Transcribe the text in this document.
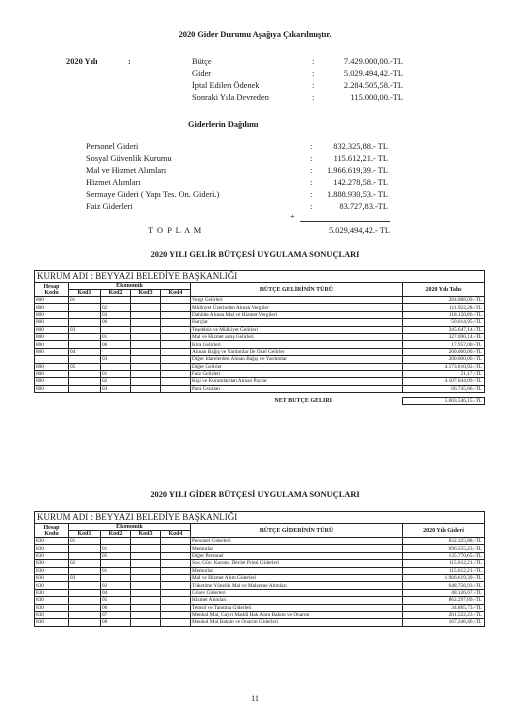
2020 Gider Durumu Aşağıya Çıkarılmıştır.
2020 Yılı	:	Bütçe	:	7.429.000,00.-TL
Gider	:	5.029.494,42.-TL
İptal Edilen Ödenek	:	2.284.505,58.-TL
Sonraki Yıla Devreden	:	115.000,00.-TL
Giderlerin Dağılımı
Personel Gideri	:	832.325,88.- TL
Sosyal Güvenlik Kurumu	:	115.612,21.- TL
Mal ve Hizmet Alımları	:	1.966.619,39.- TL
Hizmet Alımları	:	142.278,58.- TL
Sermaye Gideri ( Yapı Tes. On. Gideri.)	:	1.888.930,53.- TL
Faiz Giderleri	:	83.727,83.-TL
+
T O P L A M	5.029,494,42.- TL
2020 YILI GELİR BÜTÇESİ UYGULAMA SONUÇLARI
KURUM ADI : BEYYAZI BELEDİYE BAŞKANLIĞI						
Hesap Kodu	Ekonomik				BÜTÇE GELİRİNİN TÜRÜ	2020 Yılı Tahs
	Kod1	Kod2	Kod3	Kod4		
800	01				Vergi Gelirleri	284.088,09.-TL
800		02			Mülkiyet Üzerinden Alınan Vergiler	111.922,28.-TL
800		03			Dahilde Alınan Mal ve Hizmet Vergileri	118.150,86.-TL
800		06			Harçlar	50.014,95.-TL
800	03				Teşebbüs ve Mülkiyet Gelirleri	345.647,14.-TL
800		01			Mal ve Hizmet satış Gelirleri	327.690,14.-TL
800		06			Kira Gelirleri	17.957,00.-TL
800	04				Alınan Bağış ve Yardımlar İle Özel Gelirler	200.000,00.-TL
		03			Diğer İdarelerden Alınan Bağış ve Yardımlar	200.000,00.-TL
800	05				Diğer Gelirler	4.173.810,92.-TL
800		01			Faiz Gelirleri	21,17.-TL
800		02			Kişi ve Kurumlardan Alınan Paylar	4.107.044,09.-TL
800		03			Para Cezaları	66.745,66.-TL

NET BÜTÇE GELİRİ						5.003.546,15.-TL
2020 YILI GİDER BÜTÇESİ UYGULAMA SONUÇLARI
KURUM ADI : BEYYAZI BELEDİYE BAŞKANLIĞI						
Hesap Kodu	Ekonomik				BÜTÇE GİDERİNİN TÜRÜ	2020 Yılı Gideri
	Kod1	Kod2	Kod3	Kod4		
830	01				Personel Giderleri	832.325,88.-TL
830		01			Memurlar	696.555,23.-TL
830		05			Diğer Personel	135.770,65.-TL
830	02				Sos. Güv. Kurum. Devlet Primi Giderleri	115.612,21.-TL
830		01			Memurlar	115.612,21.-TL
830	03				Mal ve Hizmet Alım Giderleri	1.966.619,39.-TL
830		02			Tüketime Yönelik Mal ve Malzeme Alımları	648.756,93.-TL
830		04			Görev Giderleri	48.126,67.-TL
830		05			Hizmet Alımları	862.297,89.-TL
830		06			Temsil ve Tanıtma Giderleri	34.865,73.-TL
830		07			Menkul Mal, Gayri Maddi Hak Alım Bakım ve Onarım	201.522,23.-TL
830		08			Menkul Mal Bakım ve Onarım Giderleri	167.246,46.-TL
11
